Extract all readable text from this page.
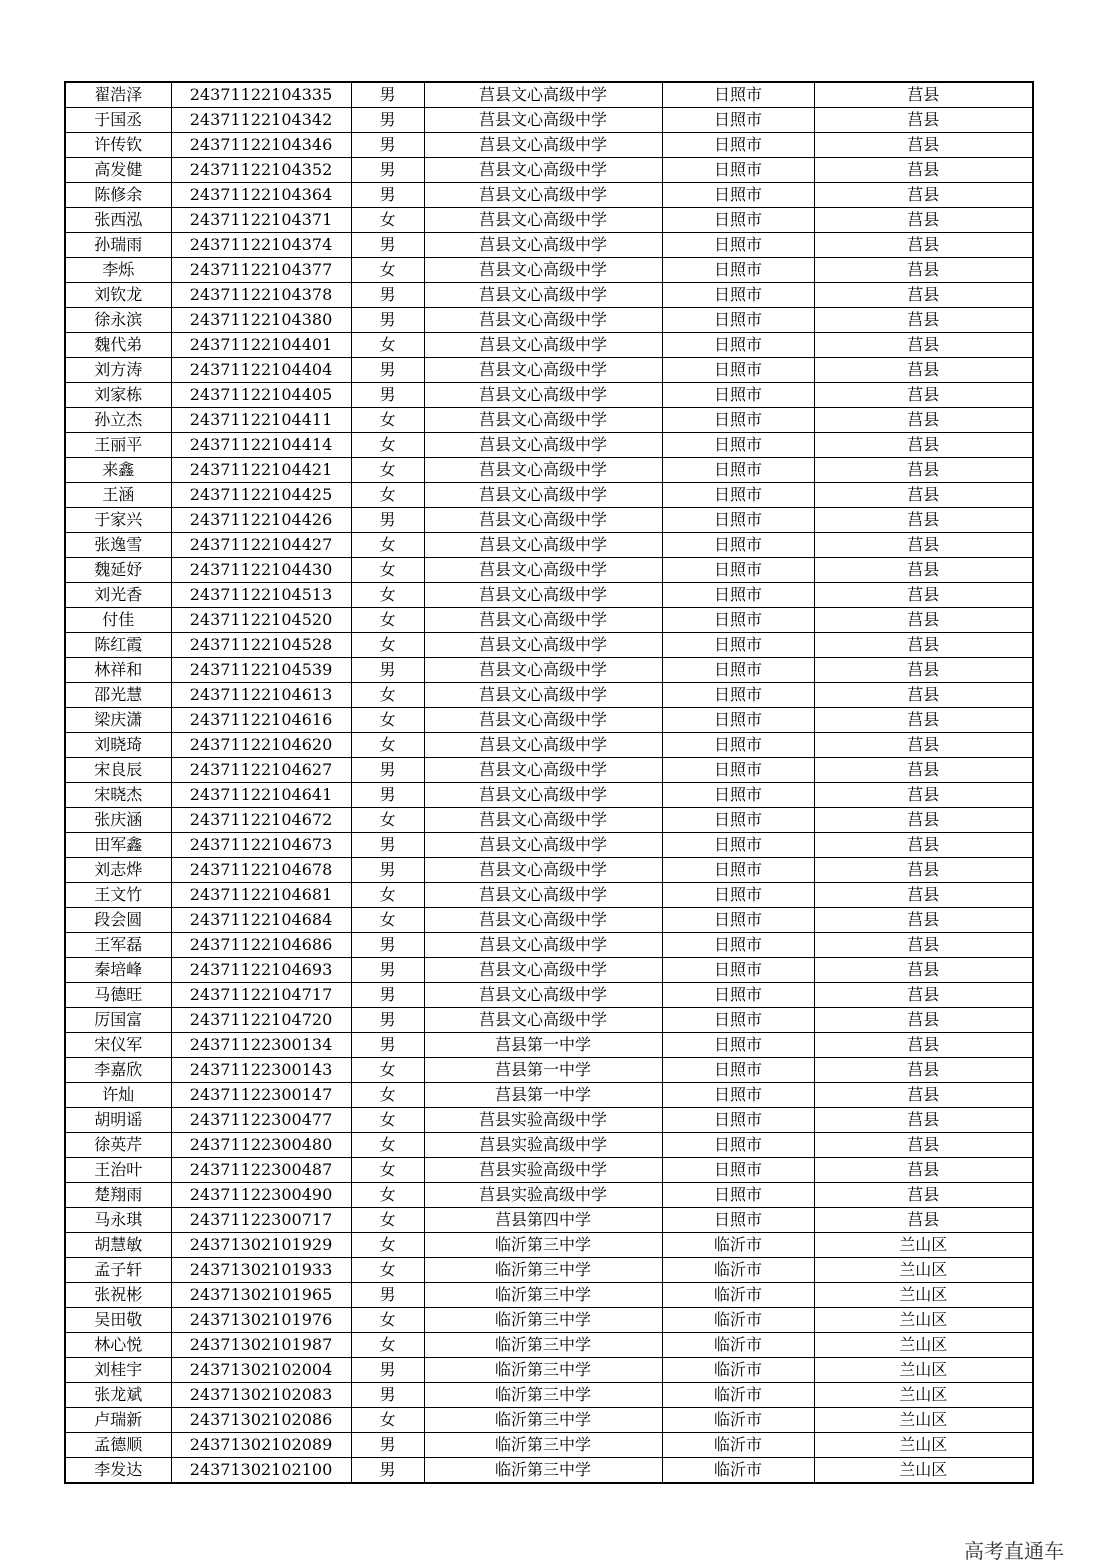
翟浩泽	24371122104335	男	莒县文心高级中学	日照市	莒县
于国丞	24371122104342	男	莒县文心高级中学	日照市	莒县
许传钦	24371122104346	男	莒县文心高级中学	日照市	莒县
高发健	24371122104352	男	莒县文心高级中学	日照市	莒县
陈修余	24371122104364	男	莒县文心高级中学	日照市	莒县
张西泓	24371122104371	女	莒县文心高级中学	日照市	莒县
孙瑞雨	24371122104374	男	莒县文心高级中学	日照市	莒县
李烁	24371122104377	女	莒县文心高级中学	日照市	莒县
刘钦龙	24371122104378	男	莒县文心高级中学	日照市	莒县
徐永滨	24371122104380	男	莒县文心高级中学	日照市	莒县
魏代弟	24371122104401	女	莒县文心高级中学	日照市	莒县
刘方涛	24371122104404	男	莒县文心高级中学	日照市	莒县
刘家栋	24371122104405	男	莒县文心高级中学	日照市	莒县
孙立杰	24371122104411	女	莒县文心高级中学	日照市	莒县
王丽平	24371122104414	女	莒县文心高级中学	日照市	莒县
来鑫	24371122104421	女	莒县文心高级中学	日照市	莒县
王涵	24371122104425	女	莒县文心高级中学	日照市	莒县
于家兴	24371122104426	男	莒县文心高级中学	日照市	莒县
张逸雪	24371122104427	女	莒县文心高级中学	日照市	莒县
魏延妤	24371122104430	女	莒县文心高级中学	日照市	莒县
刘光香	24371122104513	女	莒县文心高级中学	日照市	莒县
付佳	24371122104520	女	莒县文心高级中学	日照市	莒县
陈红霞	24371122104528	女	莒县文心高级中学	日照市	莒县
林祥和	24371122104539	男	莒县文心高级中学	日照市	莒县
邵光慧	24371122104613	女	莒县文心高级中学	日照市	莒县
梁庆潇	24371122104616	女	莒县文心高级中学	日照市	莒县
刘晓琦	24371122104620	女	莒县文心高级中学	日照市	莒县
宋良辰	24371122104627	男	莒县文心高级中学	日照市	莒县
宋晓杰	24371122104641	男	莒县文心高级中学	日照市	莒县
张庆涵	24371122104672	女	莒县文心高级中学	日照市	莒县
田军鑫	24371122104673	男	莒县文心高级中学	日照市	莒县
刘志烨	24371122104678	男	莒县文心高级中学	日照市	莒县
王文竹	24371122104681	女	莒县文心高级中学	日照市	莒县
段会圆	24371122104684	女	莒县文心高级中学	日照市	莒县
王军磊	24371122104686	男	莒县文心高级中学	日照市	莒县
秦培峰	24371122104693	男	莒县文心高级中学	日照市	莒县
马德旺	24371122104717	男	莒县文心高级中学	日照市	莒县
厉国富	24371122104720	男	莒县文心高级中学	日照市	莒县
宋仪军	24371122300134	男	莒县第一中学	日照市	莒县
李嘉欣	24371122300143	女	莒县第一中学	日照市	莒县
许灿	24371122300147	女	莒县第一中学	日照市	莒县
胡明谣	24371122300477	女	莒县实验高级中学	日照市	莒县
徐英芹	24371122300480	女	莒县实验高级中学	日照市	莒县
王治叶	24371122300487	女	莒县实验高级中学	日照市	莒县
楚翔雨	24371122300490	女	莒县实验高级中学	日照市	莒县
马永琪	24371122300717	女	莒县第四中学	日照市	莒县
胡慧敏	24371302101929	女	临沂第三中学	临沂市	兰山区
孟子轩	24371302101933	女	临沂第三中学	临沂市	兰山区
张祝彬	24371302101965	男	临沂第三中学	临沂市	兰山区
吴田敬	24371302101976	女	临沂第三中学	临沂市	兰山区
林心悦	24371302101987	女	临沂第三中学	临沂市	兰山区
刘桂宇	24371302102004	男	临沂第三中学	临沂市	兰山区
张龙斌	24371302102083	男	临沂第三中学	临沂市	兰山区
卢瑞新	24371302102086	女	临沂第三中学	临沂市	兰山区
孟德顺	24371302102089	男	临沂第三中学	临沂市	兰山区
李发达	24371302102100	男	临沂第三中学	临沂市	兰山区
高考直通车
